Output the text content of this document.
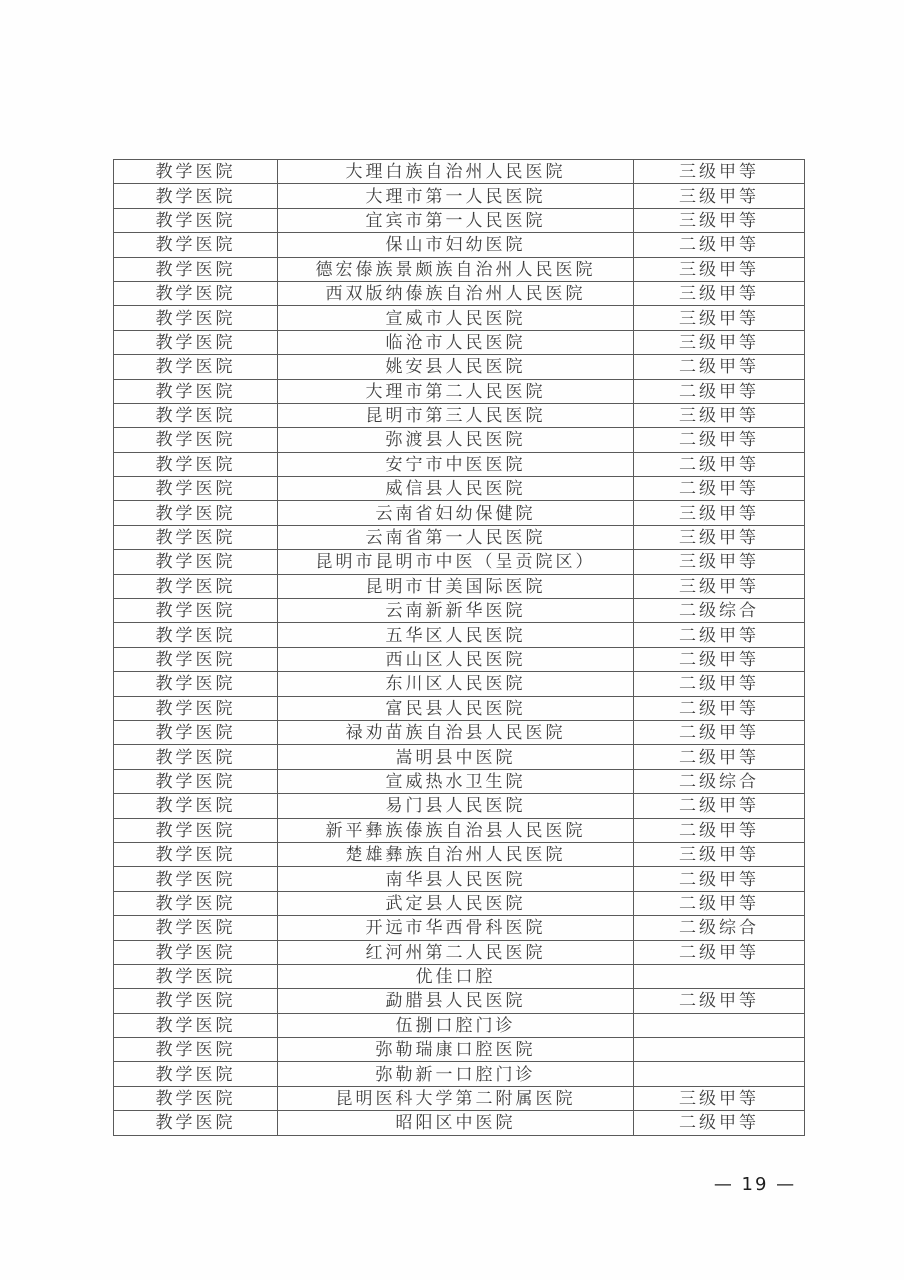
教学医院	大理白族自治州人民医院	三级甲等
教学医院	大理市第一人民医院	三级甲等
教学医院	宜宾市第一人民医院	三级甲等
教学医院	保山市妇幼医院	二级甲等
教学医院	德宏傣族景颇族自治州人民医院	三级甲等
教学医院	西双版纳傣族自治州人民医院	三级甲等
教学医院	宣威市人民医院	三级甲等
教学医院	临沧市人民医院	三级甲等
教学医院	姚安县人民医院	二级甲等
教学医院	大理市第二人民医院	二级甲等
教学医院	昆明市第三人民医院	三级甲等
教学医院	弥渡县人民医院	二级甲等
教学医院	安宁市中医医院	二级甲等
教学医院	威信县人民医院	二级甲等
教学医院	云南省妇幼保健院	三级甲等
教学医院	云南省第一人民医院	三级甲等
教学医院	昆明市昆明市中医（呈贡院区）	三级甲等
教学医院	昆明市甘美国际医院	三级甲等
教学医院	云南新新华医院	二级综合
教学医院	五华区人民医院	二级甲等
教学医院	西山区人民医院	二级甲等
教学医院	东川区人民医院	二级甲等
教学医院	富民县人民医院	二级甲等
教学医院	禄劝苗族自治县人民医院	二级甲等
教学医院	嵩明县中医院	二级甲等
教学医院	宣威热水卫生院	二级综合
教学医院	易门县人民医院	二级甲等
教学医院	新平彝族傣族自治县人民医院	二级甲等
教学医院	楚雄彝族自治州人民医院	三级甲等
教学医院	南华县人民医院	二级甲等
教学医院	武定县人民医院	二级甲等
教学医院	开远市华西骨科医院	二级综合
教学医院	红河州第二人民医院	二级甲等
教学医院	优佳口腔	
教学医院	勐腊县人民医院	二级甲等
教学医院	伍捌口腔门诊	
教学医院	弥勒瑞康口腔医院	
教学医院	弥勒新一口腔门诊	
教学医院	昆明医科大学第二附属医院	三级甲等
教学医院	昭阳区中医院	二级甲等
— 19 —
